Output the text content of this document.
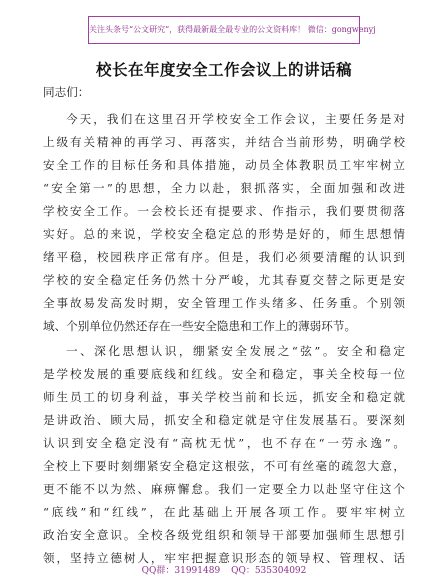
关注头条号“公文研究”，获得最新最全最专业的公文资料库！ 微信：gongwenyj
校长在年度安全工作会议上的讲话稿
同志们：
今天，我们在这里召开学校安全工作会议，主要任务是对
上级有关精神的再学习、再落实，并结合当前形势，明确学校
安全工作的目标任务和具体措施，动员全体教职员工牢牢树立
“安全第一”的思想，全力以赴，狠抓落实，全面加强和改进
学校安全工作。一会校长还有提要求、作指示，我们要贯彻落
实好。总的来说，学校安全稳定总的形势是好的，师生思想情
绪平稳，校园秩序正常有序。但是，我们必须要清醒的认识到
学校的安全稳定任务仍然十分严峻，尤其春夏交替之际更是安
全事故易发高发时期，安全管理工作头绪多、任务重。个别领
域、个别单位仍然还存在一些安全隐患和工作上的薄弱环节。
一、深化思想认识，绷紧安全发展之“弦”。安全和稳定
是学校发展的重要底线和红线。安全和稳定，事关全校每一位
师生员工的切身利益，事关学校当前和长远，抓安全和稳定就
是讲政治、顾大局，抓安全和稳定就是守住发展基石。要深刻
认识到安全稳定没有“高枕无忧”，也不存在“一劳永逸”。
全校上下要时刻绷紧安全稳定这根弦，不可有丝毫的疏忽大意，
更不能不以为然、麻痹懈怠。我们一定要全力以赴坚守住这个
“底线”和“红线”，在此基础上开展各项工作。要牢牢树立
政治安全意识。全校各级党组织和领导干部要加强师生思想引
领，坚持立德树人，牢牢把握意识形态的领导权、管理权、话
QQ群：31991489 QQ：535304092
